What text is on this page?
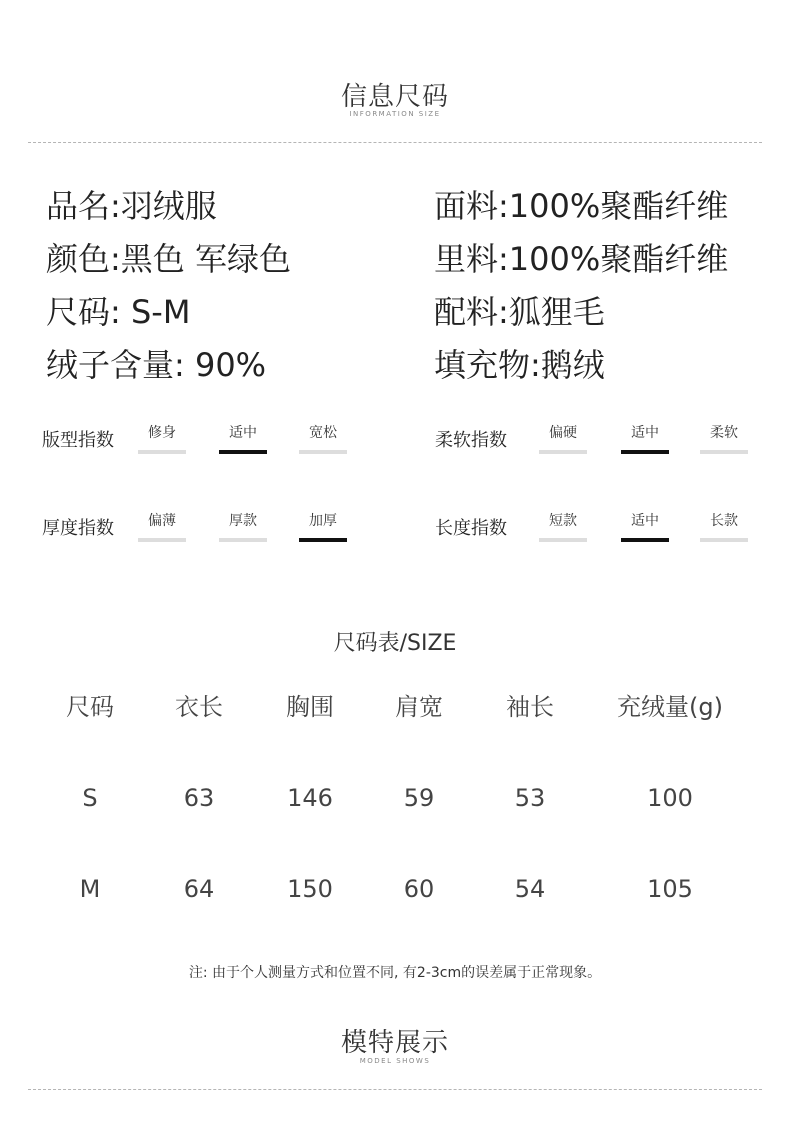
信息尺码
INFORMATION SIZE
品名:羽绒服
颜色:黑色 军绿色
尺码: S-M
绒子含量: 90%
面料:100%聚酯纤维
里料:100%聚酯纤维
配料:狐狸毛
填充物:鹅绒
版型指数	修身	适中	宽松	柔软指数	偏硬	适中	柔软
厚度指数	偏薄	厚款	加厚	长度指数	短款	适中	长款
尺码表/SIZE
尺码	衣长	胸围	肩宽	袖长	充绒量(g)
S	63	146	59	53	100
M	64	150	60	54	105
注: 由于个人测量方式和位置不同, 有2-3cm的误差属于正常现象。
模特展示
MODEL SHOWS
